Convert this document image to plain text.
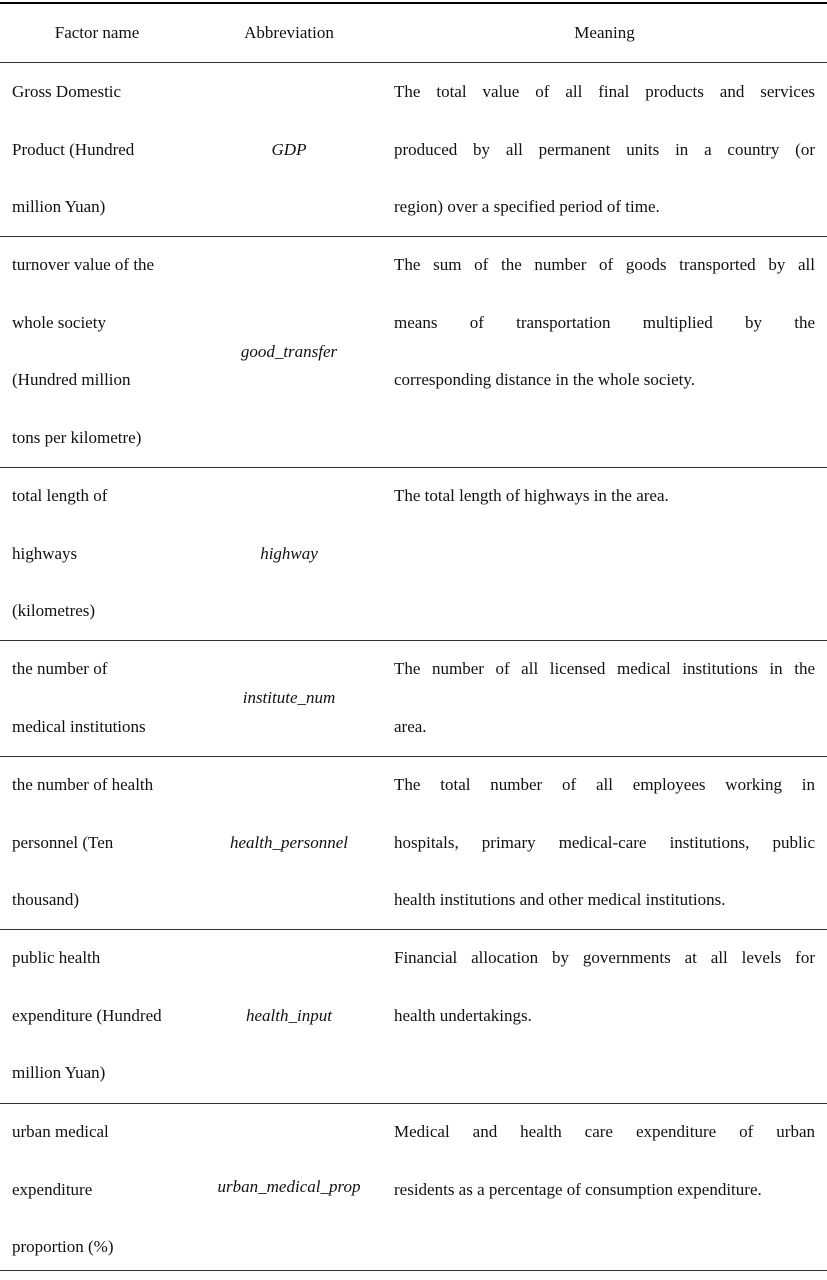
Factor name	Abbreviation	Meaning
Gross Domestic
Product (Hundred
million Yuan)
GDP
The total value of all final products and services
produced by all permanent units in a country (or
region) over a specified period of time.
turnover value of the
whole society
(Hundred million
tons per kilometre)
good_transfer
The sum of the number of goods transported by all
means of transportation multiplied by the
corresponding distance in the whole society.
total length of
highways
(kilometres)
highway
The total length of highways in the area.
the number of
medical institutions
institute_num
The number of all licensed medical institutions in the
area.
the number of health
personnel (Ten
thousand)
health_personnel
The total number of all employees working in
hospitals, primary medical-care institutions, public
health institutions and other medical institutions.
public health
expenditure (Hundred
million Yuan)
health_input
Financial allocation by governments at all levels for
health undertakings.
urban medical
expenditure
proportion (%)
urban_medical_prop
Medical and health care expenditure of urban
residents as a percentage of consumption expenditure.
